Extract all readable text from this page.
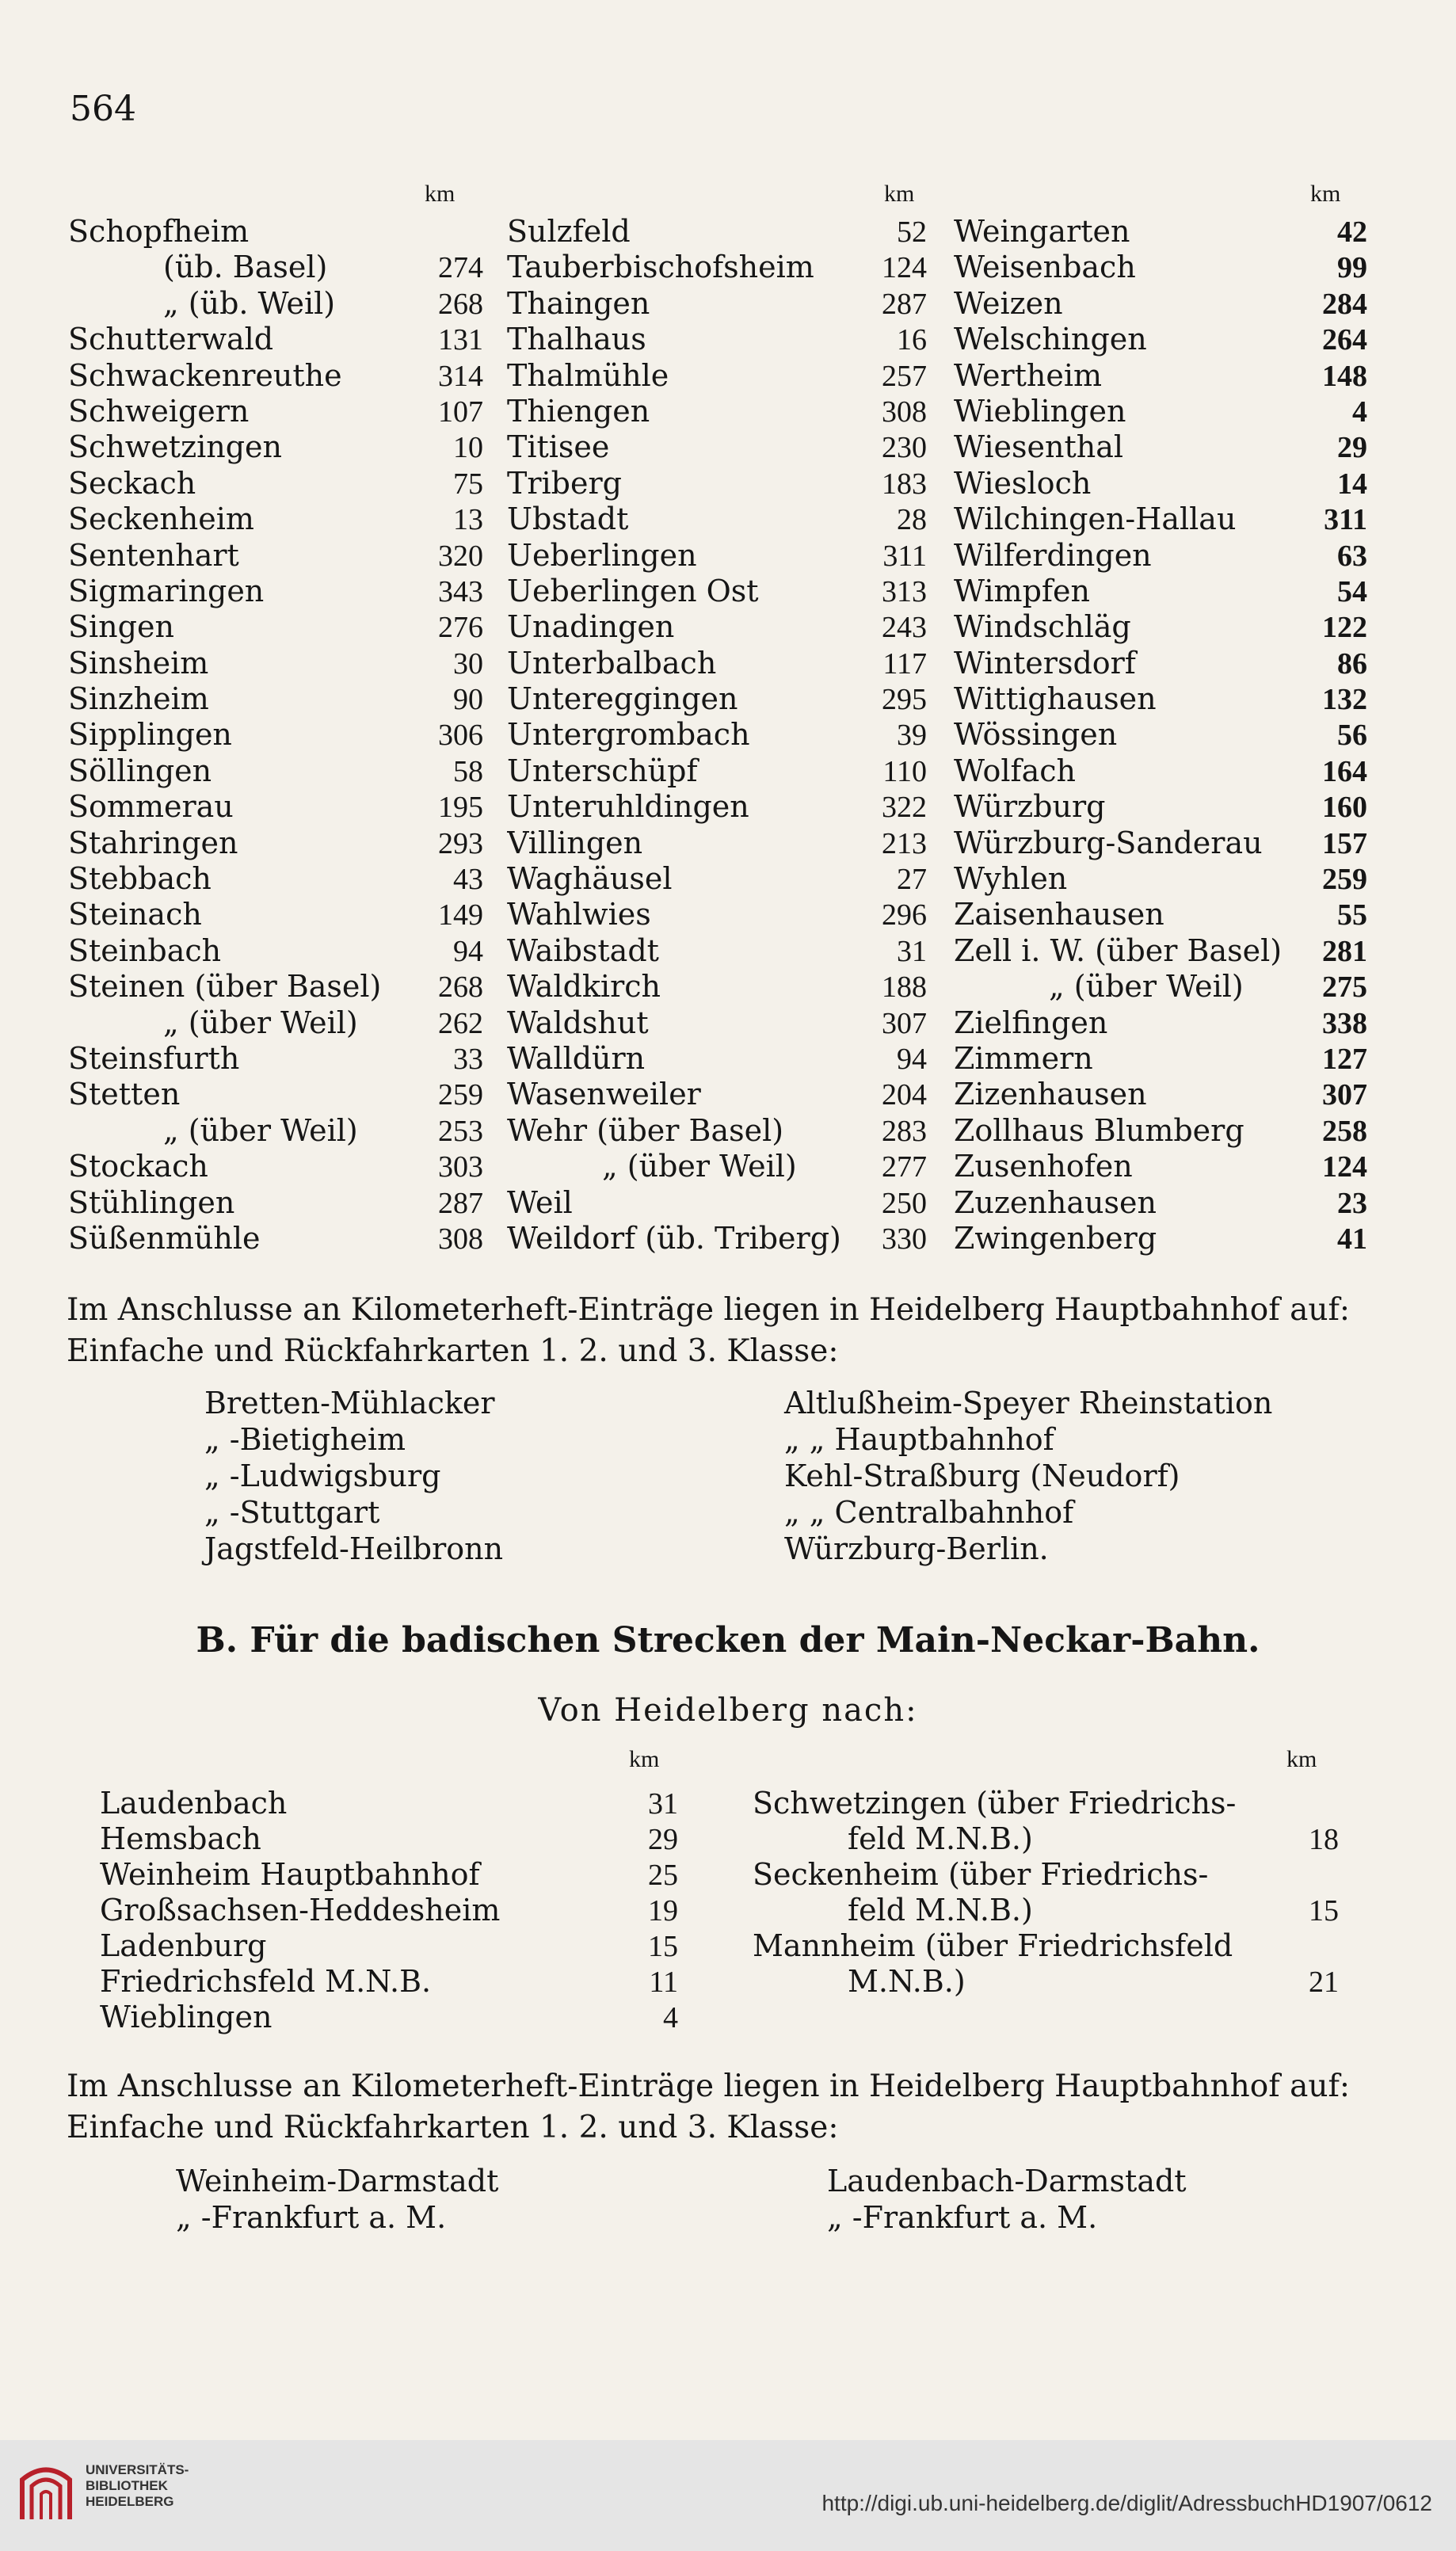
564
km	km	km
Schopfheim
(üb. Basel)	274
„ (üb. Weil)	268
Schutterwald	131
Schwackenreuthe	314
Schweigern	107
Schwetzingen	10
Seckach	75
Seckenheim	13
Sentenhart	320
Sigmaringen	343
Singen	276
Sinsheim	30
Sinzheim	90
Sipplingen	306
Söllingen	58
Sommerau	195
Stahringen	293
Stebbach	43
Steinach	149
Steinbach	94
Steinen (über Basel)	268
„ (über Weil)	262
Steinsfurth	33
Stetten	259
„ (über Weil)	253
Stockach	303
Stühlingen	287
Süßenmühle	308
Sulzfeld	52
Tauberbischofsheim	124
Thaingen	287
Thalhaus	16
Thalmühle	257
Thiengen	308
Titisee	230
Triberg	183
Ubstadt	28
Ueberlingen	311
Ueberlingen Ost	313
Unadingen	243
Unterbalbach	117
Untereggingen	295
Untergrombach	39
Unterschüpf	110
Unteruhldingen	322
Villingen	213
Waghäusel	27
Wahlwies	296
Waibstadt	31
Waldkirch	188
Waldshut	307
Walldürn	94
Wasenweiler	204
Wehr (über Basel)	283
„ (über Weil)	277
Weil	250
Weildorf (üb. Triberg)	330
Weingarten	42
Weisenbach	99
Weizen	284
Welschingen	264
Wertheim	148
Wieblingen	4
Wiesenthal	29
Wiesloch	14
Wilchingen-Hallau	311
Wilferdingen	63
Wimpfen	54
Windschläg	122
Wintersdorf	86
Wittighausen	132
Wössingen	56
Wolfach	164
Würzburg	160
Würzburg-Sanderau	157
Wyhlen	259
Zaisenhausen	55
Zell i. W. (über Basel)	281
„ (über Weil)	275
Zielfingen	338
Zimmern	127
Zizenhausen	307
Zollhaus Blumberg	258
Zusenhofen	124
Zuzenhausen	23
Zwingenberg	41
Im Anschlusse an Kilometerheft-Einträge liegen in Heidelberg Hauptbahnhof auf: Einfache und Rückfahrkarten 1. 2. und 3. Klasse:
Bretten-Mühlacker
„ -Bietigheim
„ -Ludwigsburg
„ -Stuttgart
Jagstfeld-Heilbronn
Altlußheim-Speyer Rheinstation
„ „ Hauptbahnhof
Kehl-Straßburg (Neudorf)
„ „ Centralbahnhof
Würzburg-Berlin.
B. Für die badischen Strecken der Main-Neckar-Bahn.
Von Heidelberg nach:
km	km
Laudenbach	31
Hemsbach	29
Weinheim Hauptbahnhof	25
Großsachsen-Heddesheim	19
Ladenburg	15
Friedrichsfeld M.N.B.	11
Wieblingen	4
Schwetzingen (über Friedrichs-
feld M.N.B.)	18
Seckenheim (über Friedrichs-
feld M.N.B.)	15
Mannheim (über Friedrichsfeld
M.N.B.)	21
Im Anschlusse an Kilometerheft-Einträge liegen in Heidelberg Hauptbahnhof auf: Einfache und Rückfahrkarten 1. 2. und 3. Klasse:
Weinheim-Darmstadt
„ -Frankfurt a. M.
Laudenbach-Darmstadt
„ -Frankfurt a. M.
UNIVERSITÄTS-
BIBLIOTHEK
HEIDELBERG	http://digi.ub.uni-heidelberg.de/diglit/AdressbuchHD1907/0612
